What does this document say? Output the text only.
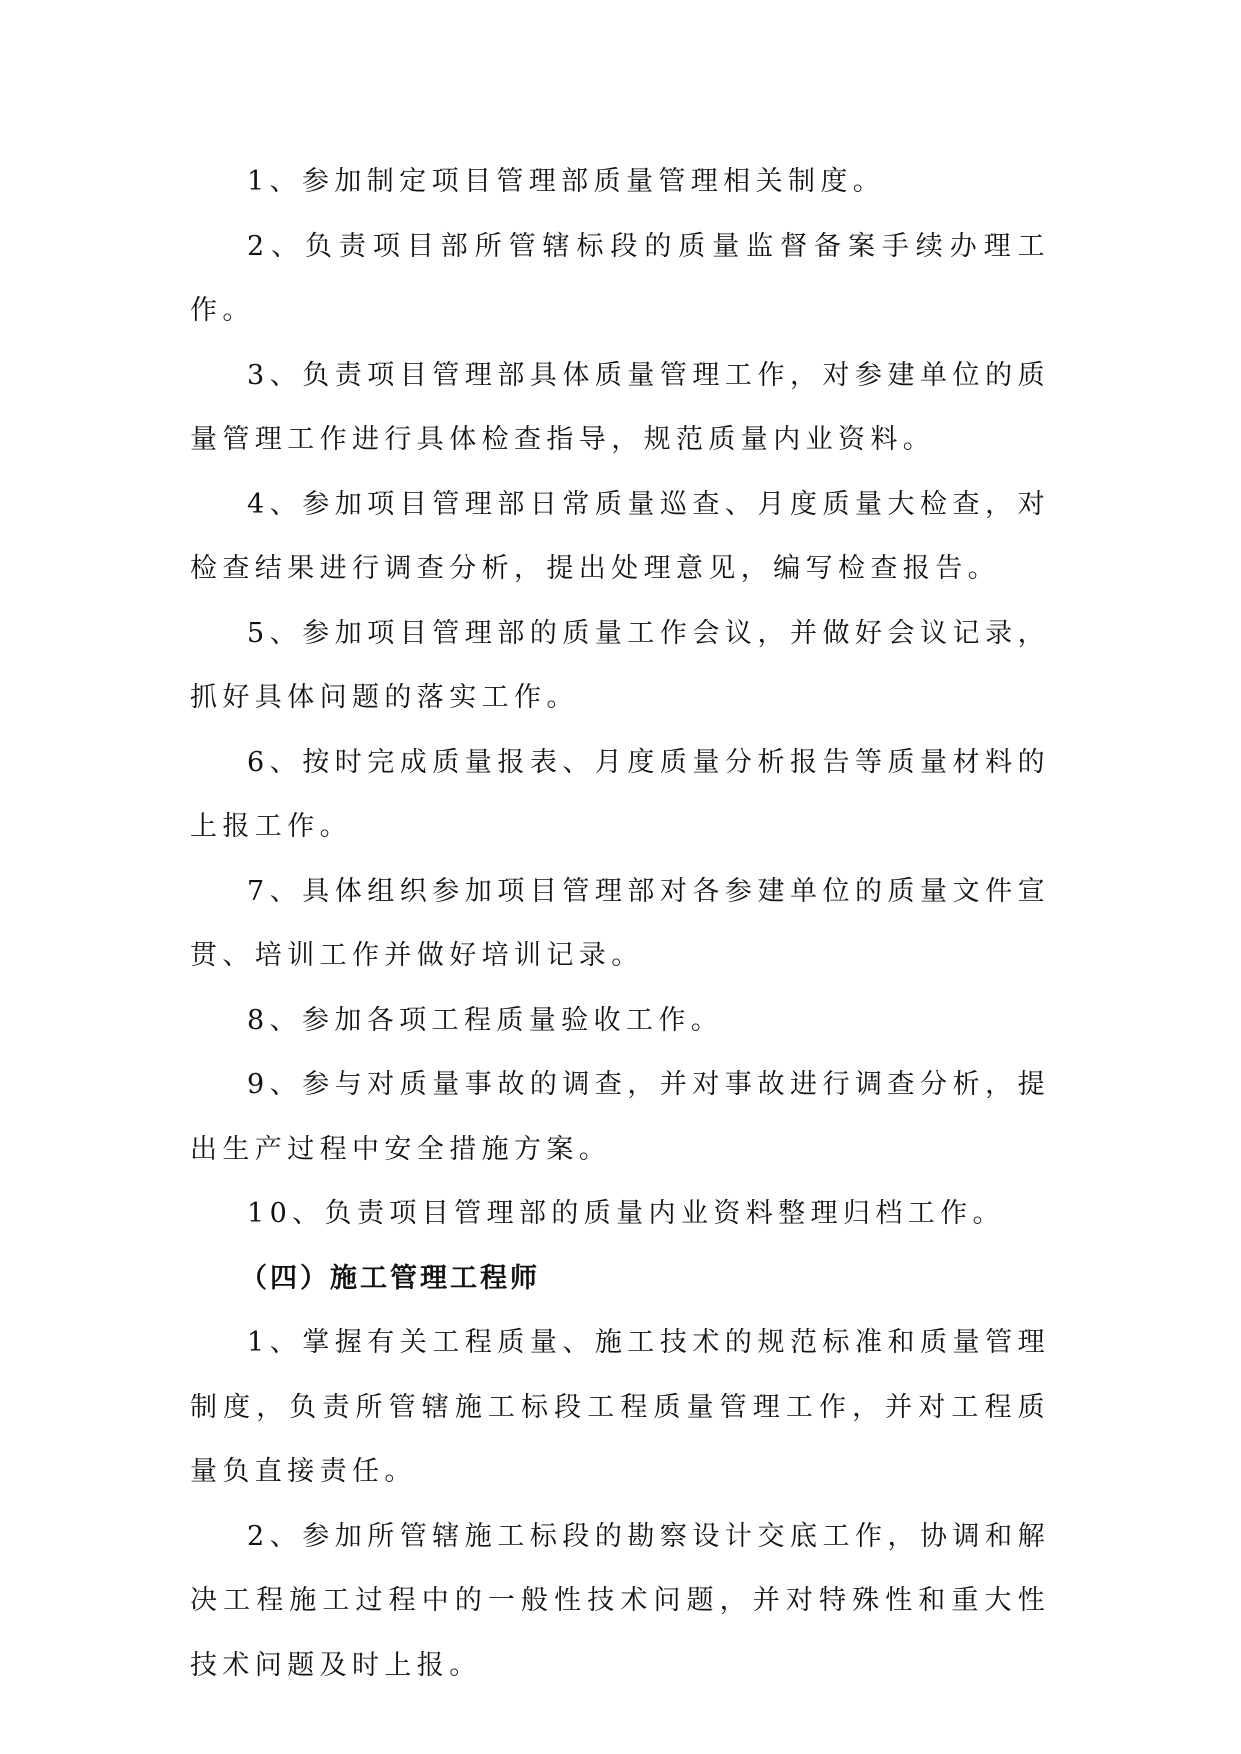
1、参加制定项目管理部质量管理相关制度。

2、负责项目部所管辖标段的质量监督备案手续办理工作。

3、负责项目管理部具体质量管理工作，对参建单位的质量管理工作进行具体检查指导，规范质量内业资料。

4、参加项目管理部日常质量巡查、月度质量大检查，对检查结果进行调查分析，提出处理意见，编写检查报告。

5、参加项目管理部的质量工作会议，并做好会议记录，抓好具体问题的落实工作。

6、按时完成质量报表、月度质量分析报告等质量材料的上报工作。

7、具体组织参加项目管理部对各参建单位的质量文件宣贯、培训工作并做好培训记录。

8、参加各项工程质量验收工作。

9、参与对质量事故的调查，并对事故进行调查分析，提出生产过程中安全措施方案。

10、负责项目管理部的质量内业资料整理归档工作。

（四）施工管理工程师

1、掌握有关工程质量、施工技术的规范标准和质量管理制度，负责所管辖施工标段工程质量管理工作，并对工程质量负直接责任。

2、参加所管辖施工标段的勘察设计交底工作，协调和解决工程施工过程中的一般性技术问题，并对特殊性和重大性技术问题及时上报。
